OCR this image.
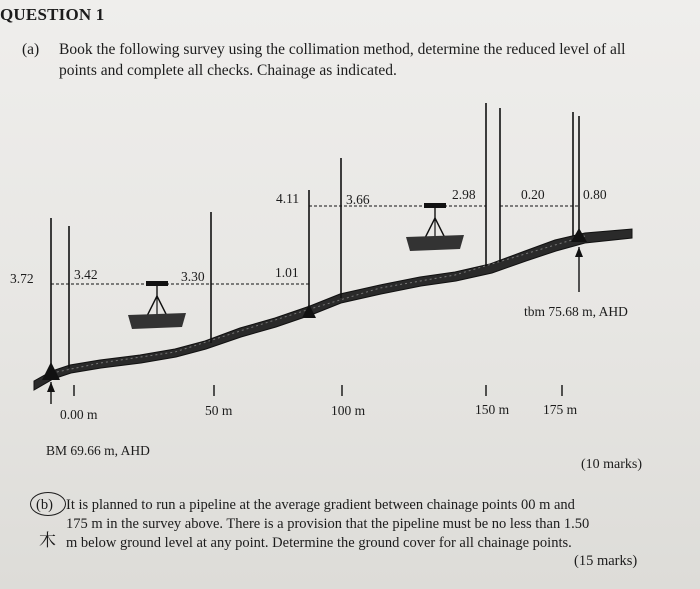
QUESTION 1
(a) Book the following survey using the collimation method, determine the reduced level of all
points and complete all checks. Chainage as indicated.
3.72	3.42	3.30	1.01
4.11	3.66	2.98	0.20	0.80
tbm 75.68 m, AHD
0.00 m	50 m	100 m	150 m	175 m
BM 69.66 m, AHD
(10 marks)
(b) It is planned to run a pipeline at the average gradient between chainage points 00 m and
175 m in the survey above. There is a provision that the pipeline must be no less than 1.50
m below ground level at any point. Determine the ground cover for all chainage points.
木
(15 marks)
